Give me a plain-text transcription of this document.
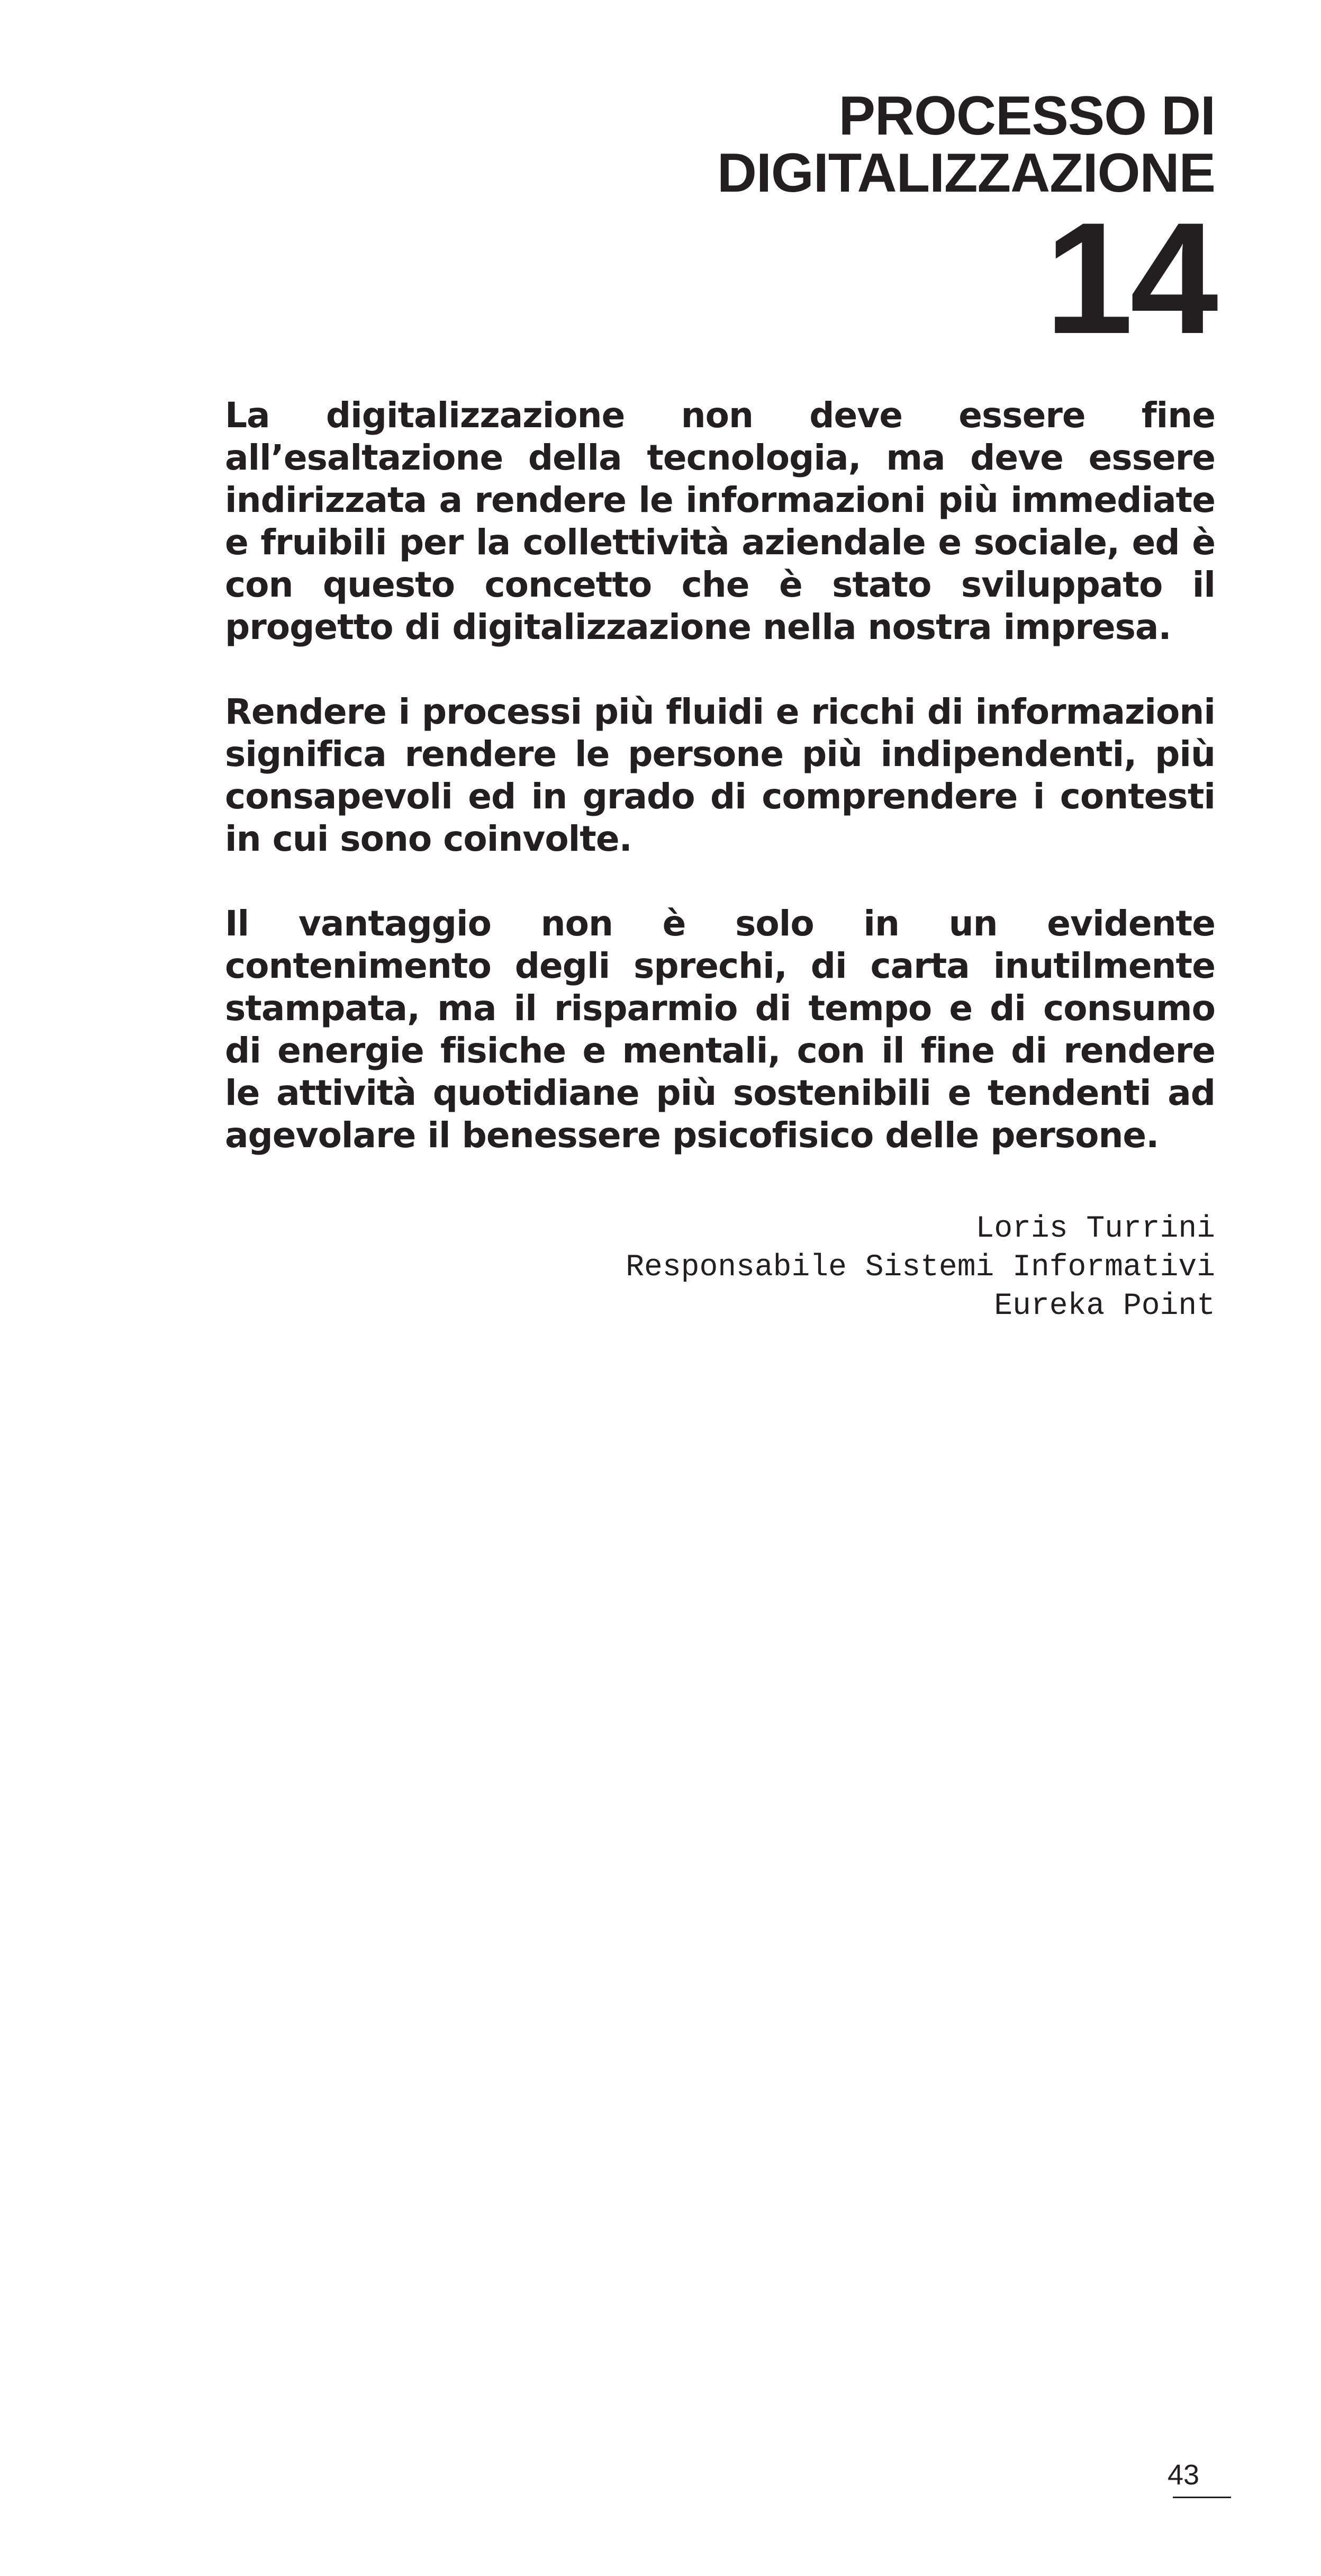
PROCESSO DI
DIGITALIZZAZIONE
14

La digitalizzazione non deve essere fine all’esaltazione della tecnologia, ma deve essere indirizzata a rendere le informazioni più immediate e fruibili per la collettività aziendale e sociale, ed è con questo concetto che è stato sviluppato il progetto di digitalizzazione nella nostra impresa.

Rendere i processi più fluidi e ricchi di informazioni significa rendere le persone più indipendenti, più consapevoli ed in grado di comprendere i contesti in cui sono coinvolte.

Il vantaggio non è solo in un evidente contenimento degli sprechi, di carta inutilmente stampata, ma il risparmio di tempo e di consumo di energie fisiche e mentali, con il fine di rendere le attività quotidiane più sostenibili e tendenti ad agevolare il benessere psicofisico delle persone.

Loris Turrini
Responsabile Sistemi Informativi
Eureka Point
43
